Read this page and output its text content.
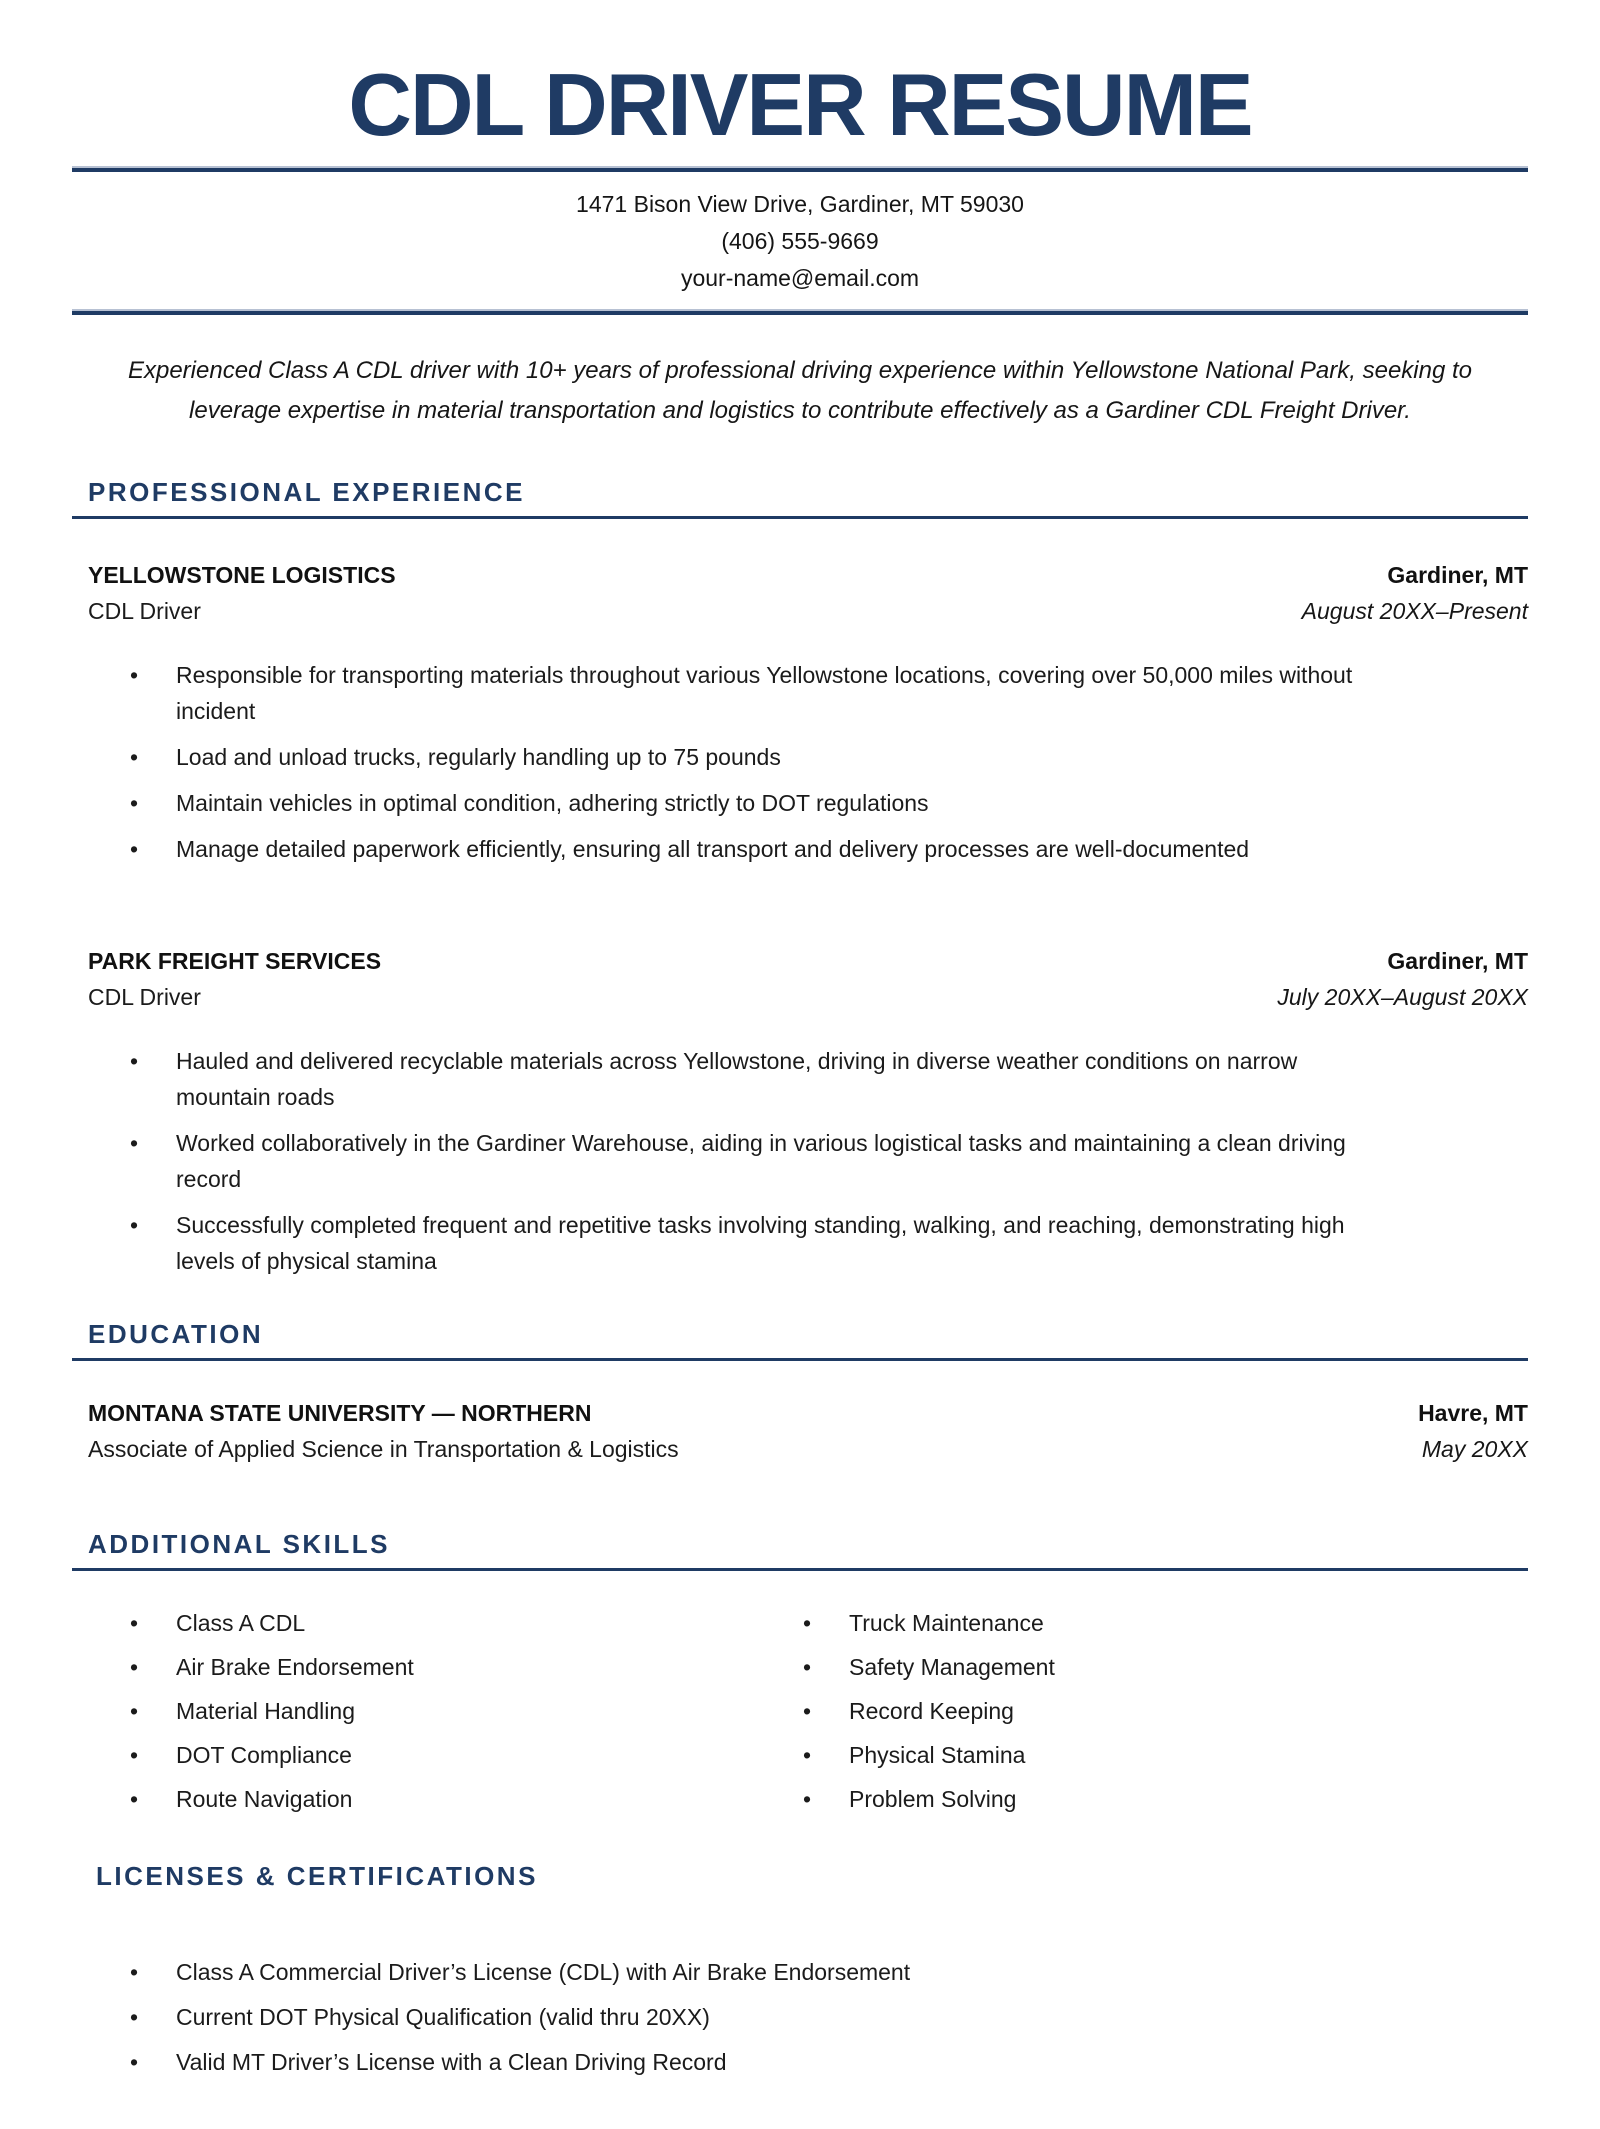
CDL DRIVER RESUME
1471 Bison View Drive, Gardiner, MT 59030
(406) 555-9669
your-name@email.com

Experienced Class A CDL driver with 10+ years of professional driving experience within Yellowstone National Park, seeking to leverage expertise in material transportation and logistics to contribute effectively as a Gardiner CDL Freight Driver.

PROFESSIONAL EXPERIENCE
YELLOWSTONE LOGISTICS	Gardiner, MT
CDL Driver	August 20XX–Present
• Responsible for transporting materials throughout various Yellowstone locations, covering over 50,000 miles without incident
• Load and unload trucks, regularly handling up to 75 pounds
• Maintain vehicles in optimal condition, adhering strictly to DOT regulations
• Manage detailed paperwork efficiently, ensuring all transport and delivery processes are well-documented
PARK FREIGHT SERVICES	Gardiner, MT
CDL Driver	July 20XX–August 20XX
• Hauled and delivered recyclable materials across Yellowstone, driving in diverse weather conditions on narrow mountain roads
• Worked collaboratively in the Gardiner Warehouse, aiding in various logistical tasks and maintaining a clean driving record
• Successfully completed frequent and repetitive tasks involving standing, walking, and reaching, demonstrating high levels of physical stamina
EDUCATION
MONTANA STATE UNIVERSITY — NORTHERN	Havre, MT
Associate of Applied Science in Transportation & Logistics	May 20XX
ADDITIONAL SKILLS
• Class A CDL
• Air Brake Endorsement
• Material Handling
• DOT Compliance
• Route Navigation
• Truck Maintenance
• Safety Management
• Record Keeping
• Physical Stamina
• Problem Solving
LICENSES & CERTIFICATIONS
• Class A Commercial Driver’s License (CDL) with Air Brake Endorsement
• Current DOT Physical Qualification (valid thru 20XX)
• Valid MT Driver’s License with a Clean Driving Record
